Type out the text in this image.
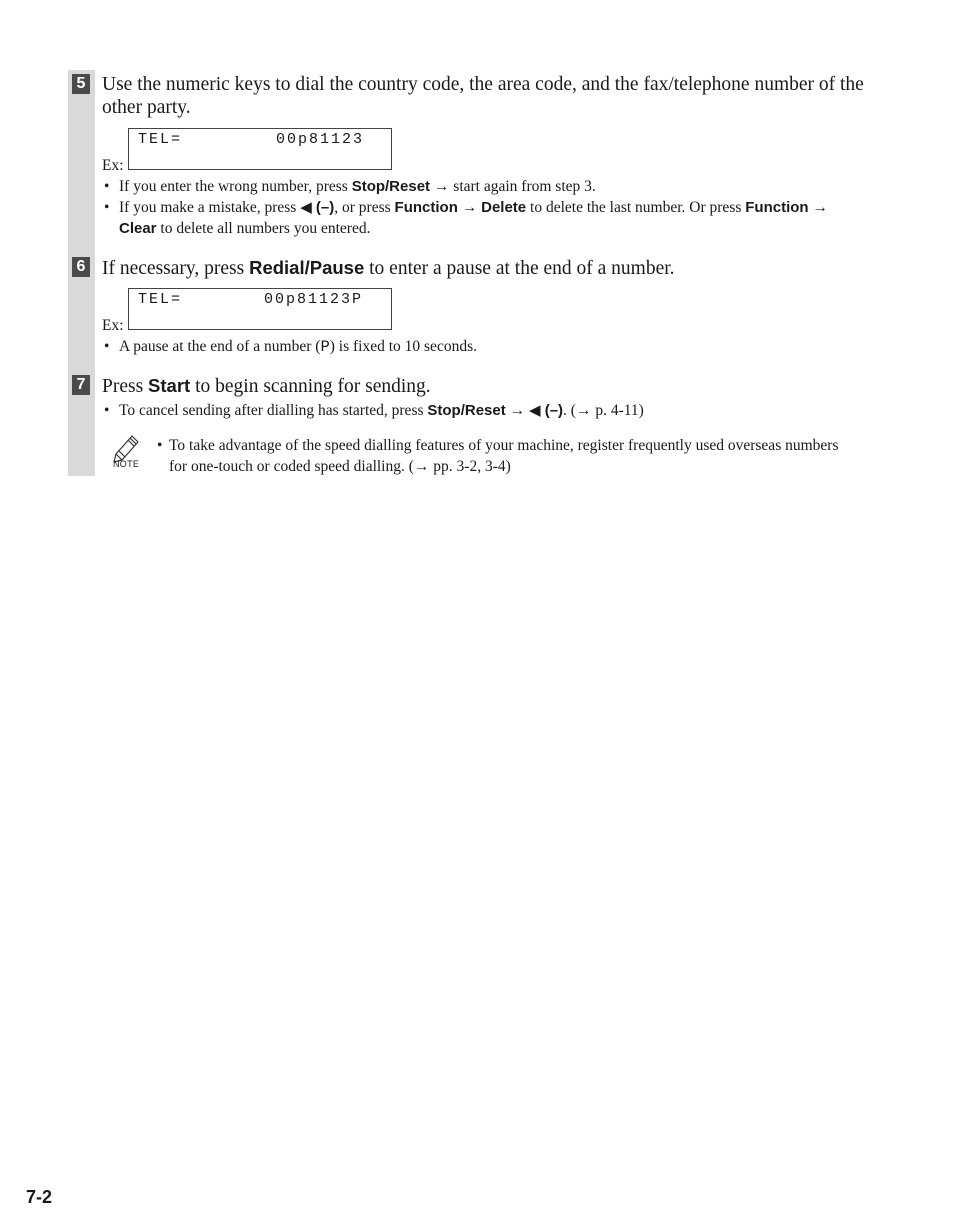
5 Use the numeric keys to dial the country code, the area code, and the fax/telephone number of the other party.
Ex:
TEL=	00p81123
• If you enter the wrong number, press Stop/Reset → start again from step 3.
• If you make a mistake, press ◀ (–), or press Function → Delete to delete the last number. Or press Function → Clear to delete all numbers you entered.
6 If necessary, press Redial/Pause to enter a pause at the end of a number.
Ex:
TEL=	00p81123P
• A pause at the end of a number (P) is fixed to 10 seconds.
7 Press Start to begin scanning for sending.
• To cancel sending after dialling has started, press Stop/Reset → ◀ (–). (→ p. 4-11)
NOTE
• To take advantage of the speed dialling features of your machine, register frequently used overseas numbers for one-touch or coded speed dialling. (→ pp. 3-2, 3-4)
7-2
